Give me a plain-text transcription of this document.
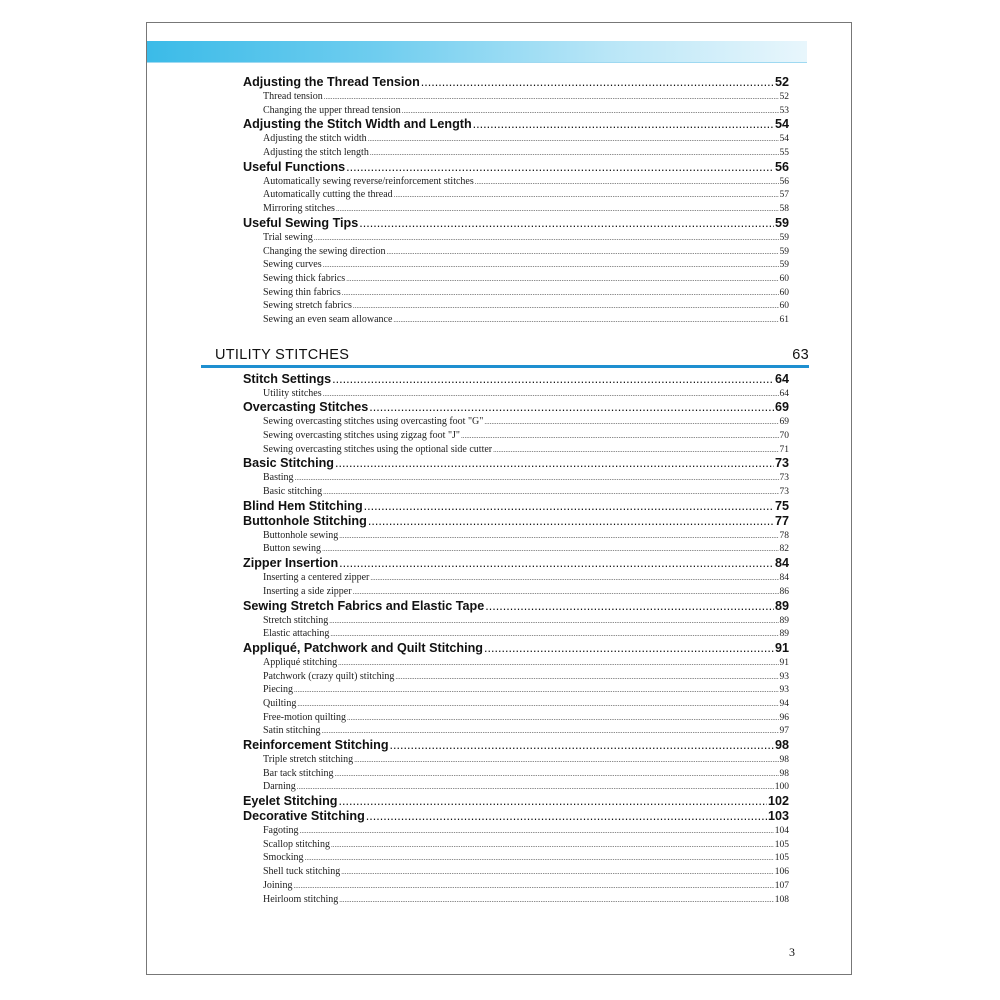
Adjusting the Thread Tension .....	52
Thread tension .....	52
Changing the upper thread tension .....	53
Adjusting the Stitch Width and Length .....	54
Adjusting the stitch width .....	54
Adjusting the stitch length .....	55
Useful Functions .....	56
Automatically sewing reverse/reinforcement stitches .....	56
Automatically cutting the thread .....	57
Mirroring stitches .....	58
Useful Sewing Tips .....	59
Trial sewing .....	59
Changing the sewing direction .....	59
Sewing curves .....	59
Sewing thick fabrics .....	60
Sewing thin fabrics .....	60
Sewing stretch fabrics .....	60
Sewing an even seam allowance .....	61
UTILITY STITCHES	63
Stitch Settings .....	64
Utility stitches .....	64
Overcasting Stitches .....	69
Sewing overcasting stitches using overcasting foot "G" .....	69
Sewing overcasting stitches using zigzag foot "J" .....	70
Sewing overcasting stitches using the optional side cutter .....	71
Basic Stitching .....	73
Basting .....	73
Basic stitching .....	73
Blind Hem Stitching .....	75
Buttonhole Stitching .....	77
Buttonhole sewing .....	78
Button sewing .....	82
Zipper Insertion .....	84
Inserting a centered zipper .....	84
Inserting a side zipper .....	86
Sewing Stretch Fabrics and Elastic Tape .....	89
Stretch stitching .....	89
Elastic attaching .....	89
Appliqué, Patchwork and Quilt Stitching .....	91
Appliqué stitching .....	91
Patchwork (crazy quilt) stitching .....	93
Piecing .....	93
Quilting .....	94
Free-motion quilting .....	96
Satin stitching .....	97
Reinforcement Stitching .....	98
Triple stretch stitching .....	98
Bar tack stitching .....	98
Darning .....	100
Eyelet Stitching .....	102
Decorative Stitching .....	103
Fagoting .....	104
Scallop stitching .....	105
Smocking .....	105
Shell tuck stitching .....	106
Joining .....	107
Heirloom stitching .....	108
3
